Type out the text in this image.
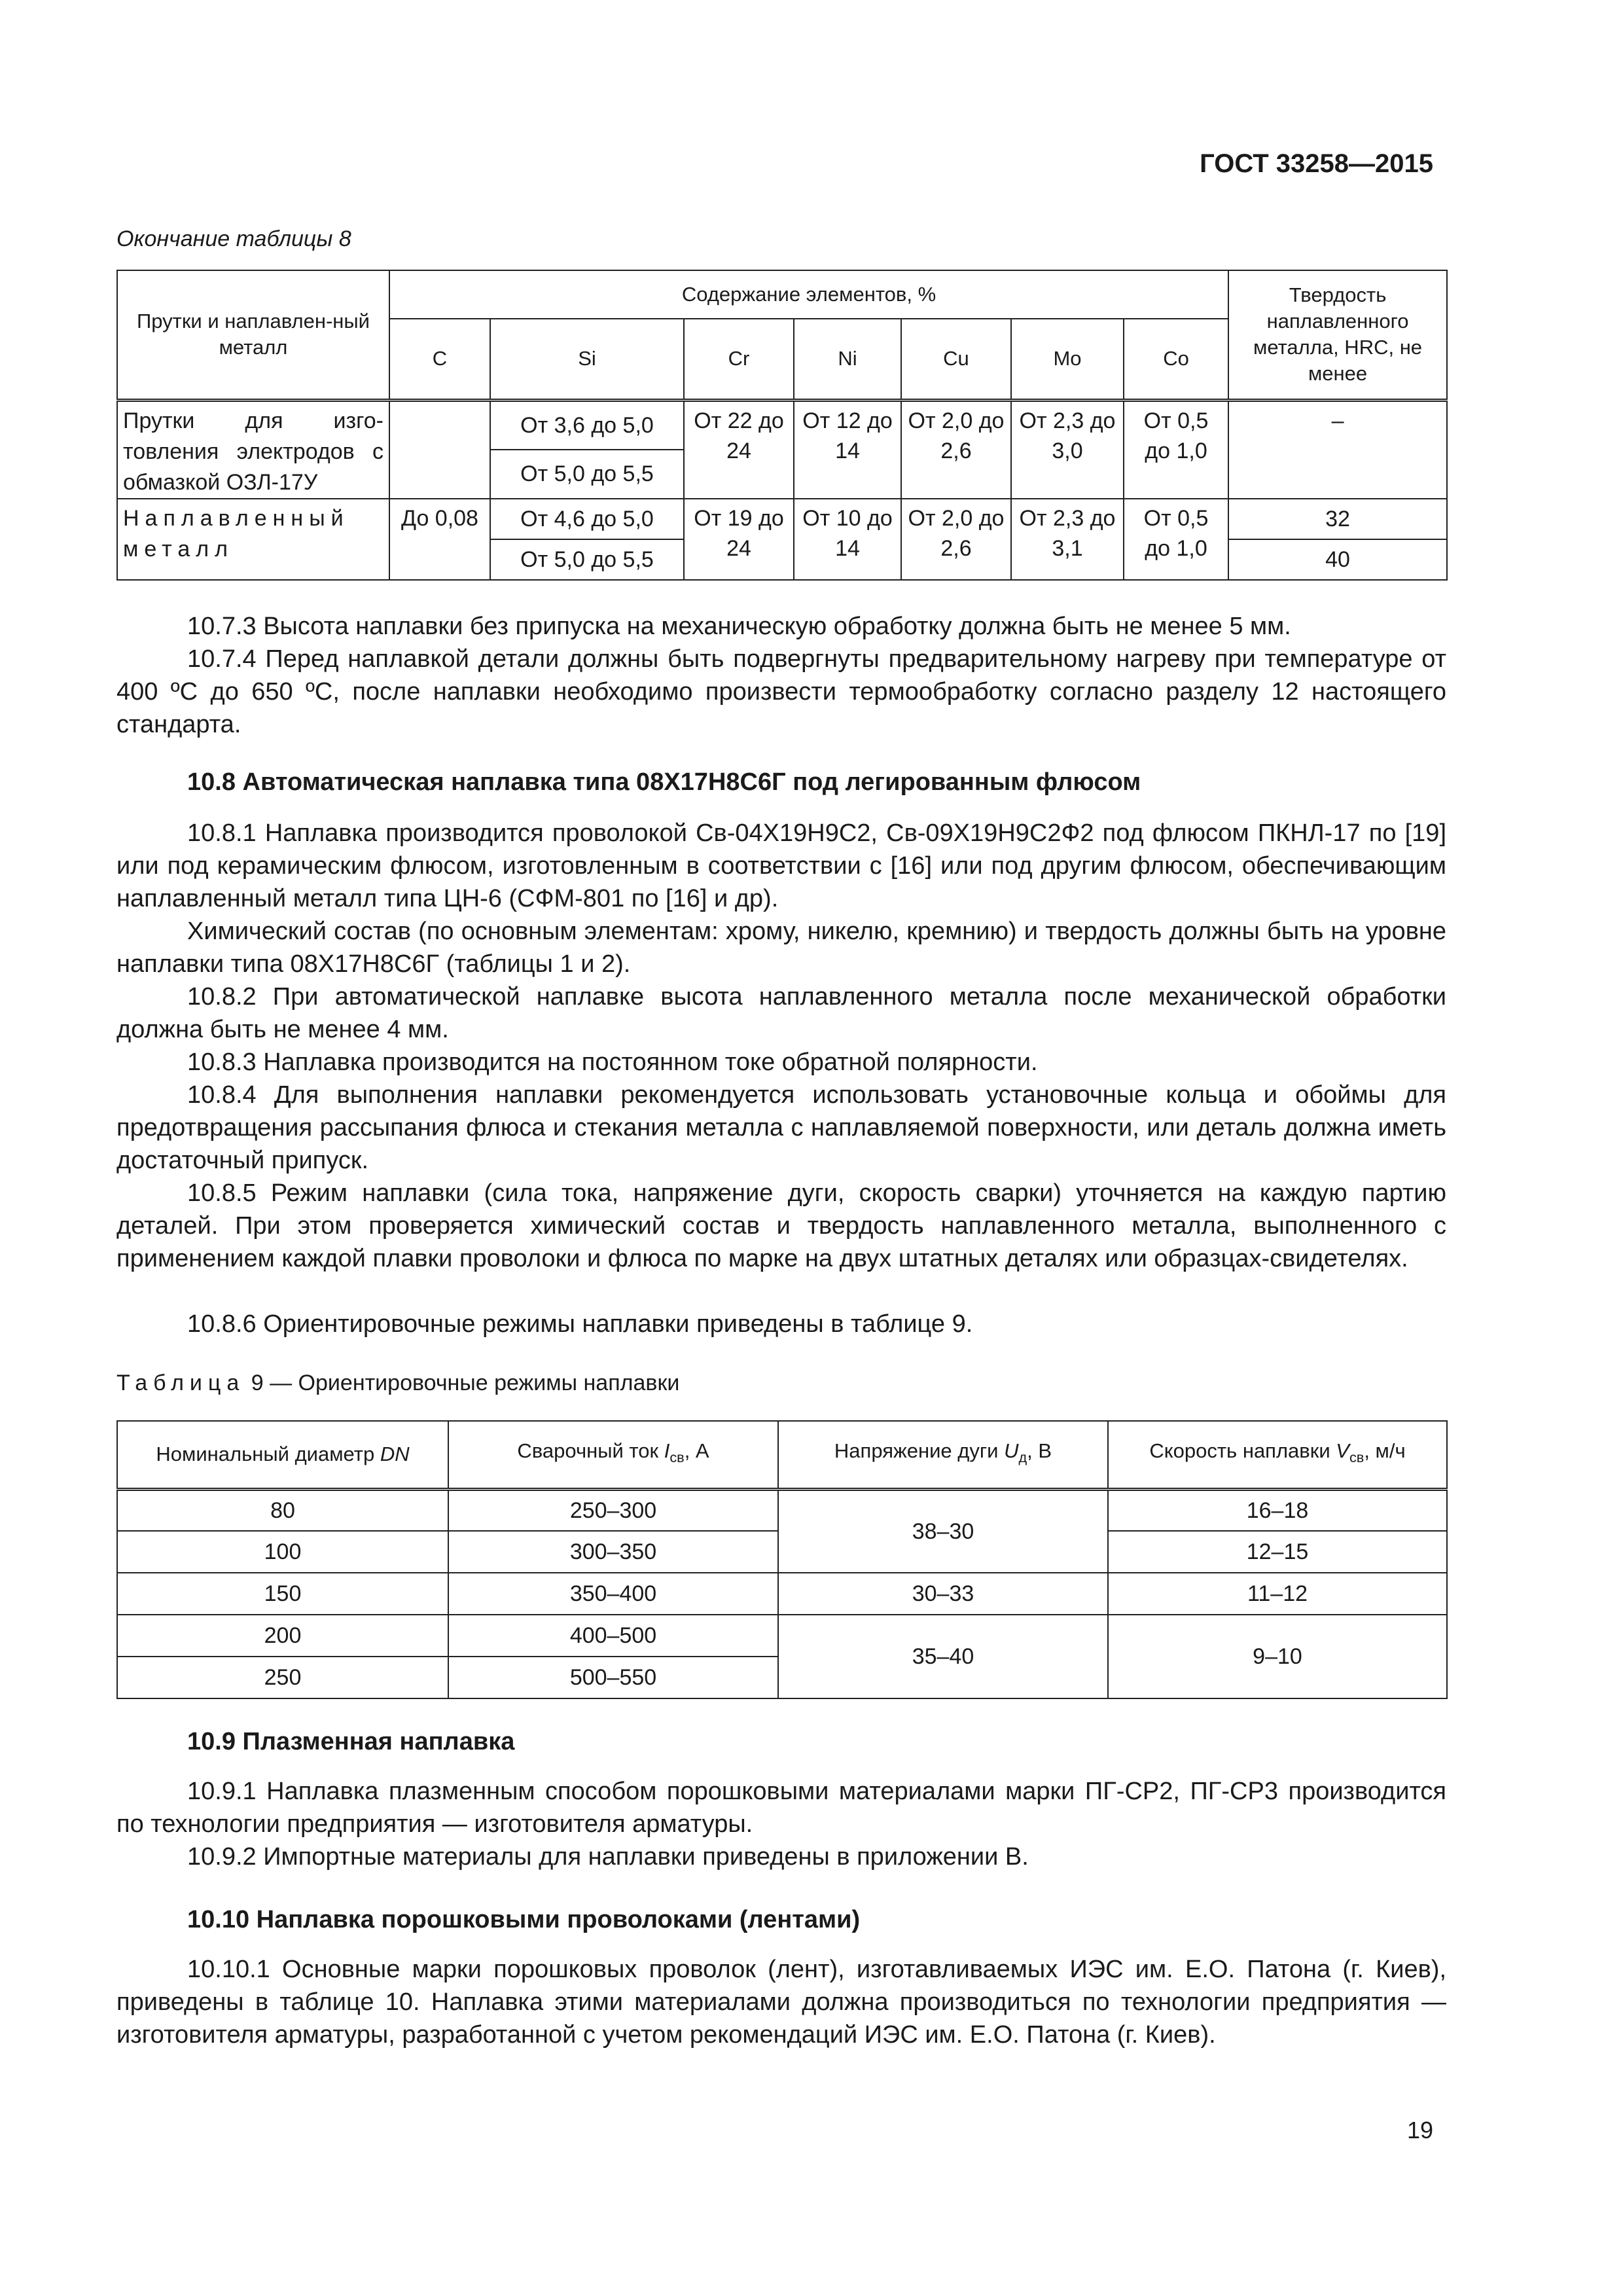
ГОСТ 33258—2015
Окончание таблицы 8
Прутки и наплавлен-ный металл	Содержание элементов, %							Твердость наплавленного металла, HRC, не менее
	C	Si	Cr	Ni	Cu	Mo	Co	
Прутки для изго-товления электродов с обмазкой ОЗЛ-17У		От 3,6 до 5,0	От 22 до 24	От 12 до 14	От 2,0 до 2,6	От 2,3 до 3,0	От 0,5 до 1,0	–
		От 5,0 до 5,5						
Наплавленный металл	До 0,08	От 4,6 до 5,0	От 19 до 24	От 10 до 14	От 2,0 до 2,6	От 2,3 до 3,1	От 0,5 до 1,0	32
		От 5,0 до 5,5						40

10.7.3 Высота наплавки без припуска на механическую обработку должна быть не менее 5 мм.

10.7.4 Перед наплавкой детали должны быть подвергнуты предварительному нагреву при температуре от 400 ºС до 650 ºС, после наплавки необходимо произвести термообработку согласно разделу 12 настоящего стандарта.

10.8 Автоматическая наплавка типа 08Х17Н8С6Г под легированным флюсом

10.8.1 Наплавка производится проволокой Св-04Х19Н9С2, Св-09Х19Н9С2Ф2 под флюсом ПКНЛ-17 по [19] или под керамическим флюсом, изготовленным в соответствии с [16] или под другим флюсом, обеспечивающим наплавленный металл типа ЦН-6 (СФМ-801 по [16] и др).

Химический состав (по основным элементам: хрому, никелю, кремнию) и твердость должны быть на уровне наплавки типа 08Х17Н8С6Г (таблицы 1 и 2).

10.8.2 При автоматической наплавке высота наплавленного металла после механической обработки должна быть не менее 4 мм.

10.8.3 Наплавка производится на постоянном токе обратной полярности.

10.8.4 Для выполнения наплавки рекомендуется использовать установочные кольца и обоймы для предотвращения рассыпания флюса и стекания металла с наплавляемой поверхности, или деталь должна иметь достаточный припуск.

10.8.5 Режим наплавки (сила тока, напряжение дуги, скорость сварки) уточняется на каждую партию деталей. При этом проверяется химический состав и твердость наплавленного металла, выполненного с применением каждой плавки проволоки и флюса по марке на двух штатных деталях или образцах-свидетелях.

10.8.6 Ориентировочные режимы наплавки приведены в таблице 9.

Таблица 9 — Ориентировочные режимы наплавки
Номинальный диаметр DN	Сварочный ток $I_{св}$, А	Напряжение дуги $U_д$, В	Скорость наплавки $V_{св}$, м/ч
80	250–300	38–30	16–18
100	300–350		12–15
150	350–400	30–33	11–12
200	400–500	35–40	9–10
250	500–550		
10.9 Плазменная наплавка

10.9.1 Наплавка плазменным способом порошковыми материалами марки ПГ-СР2, ПГ-СР3 производится по технологии предприятия — изготовителя арматуры.

10.9.2 Импортные материалы для наплавки приведены в приложении В.

10.10 Наплавка порошковыми проволоками (лентами)

10.10.1 Основные марки порошковых проволок (лент), изготавливаемых ИЭС им. Е.О. Патона (г. Киев), приведены в таблице 10. Наплавка этими материалами должна производиться по технологии предприятия — изготовителя арматуры, разработанной с учетом рекомендаций ИЭС им. Е.О. Патона (г. Киев).

19
